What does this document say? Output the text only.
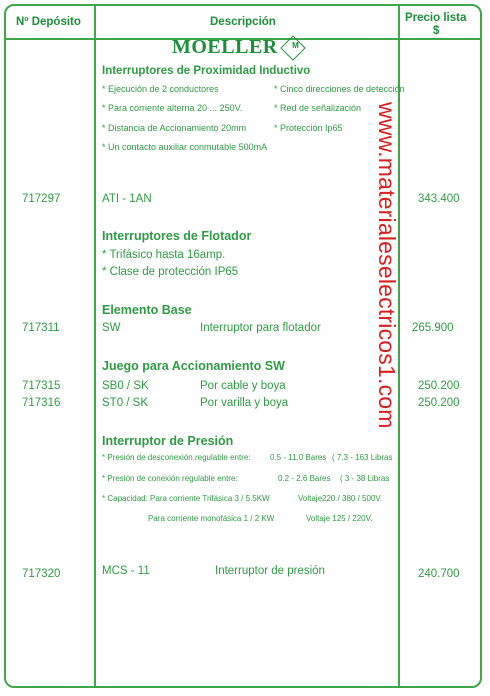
Nº Depósito	Descripción	Precio lista
$
MOELLER	M
www.materialeselectricos1.com
Interruptores de Proximidad Inductivo
* Ejecución de 2 conductores
* Para corriente alterna 20 ... 250V.
* Distancia de Accionamiento 20mm
* Un contacto auxiliar conmutable 500mA
* Cinco direcciones de detección
* Red de señalización
* Protección Ip65
717297	ATI - 1AN	343.400
Interruptores de Flotador
* Trifásico hasta 16amp.
* Clase de protección IP65
Elemento Base
717311	SW	Interruptor para flotador	265.900
Juego para Accionamiento SW
717315	SB0 / SK	Por cable y boya	250.200
717316	ST0 / SK	Por varilla y boya	250.200
Interruptor de Presión
* Presión de desconexión regulable entre: 0.5 - 11.0 Bares ( 7.3 - 163 Libras
* Presión de conexión regulable entre:	0.2 - 2.6 Bares ( 3 - 38 Libras
* Capacidad: Para corriente Trifásica 3 / 5.5KW	Voltaje220 / 380 / 500V.
Para corriente monofásica 1 / 2 KW	Voltaje 125 / 220V.
717320	MCS - 11	Interruptor de presión	240.700
